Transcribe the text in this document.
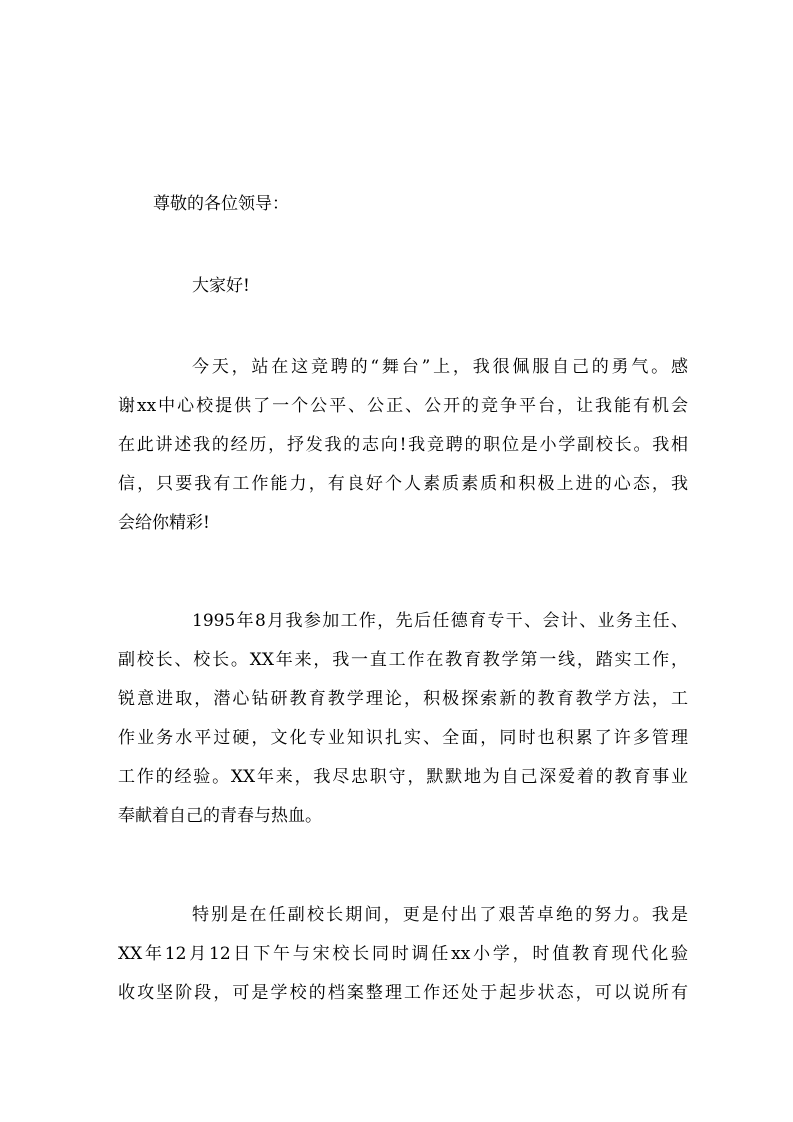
尊敬的各位领导：
大家好!
今天，站在这竞聘的“舞台”上，我很佩服自己的勇气。感
谢xx中心校提供了一个公平、公正、公开的竞争平台，让我能有机会
在此讲述我的经历，抒发我的志向!我竞聘的职位是小学副校长。我相
信，只要我有工作能力，有良好个人素质素质和积极上进的心态，我
会给你精彩!
1995年8月我参加工作，先后任德育专干、会计、业务主任、
副校长、校长。XX年来，我一直工作在教育教学第一线，踏实工作，
锐意进取，潜心钻研教育教学理论，积极探索新的教育教学方法，工
作业务水平过硬，文化专业知识扎实、全面，同时也积累了许多管理
工作的经验。XX年来，我尽忠职守，默默地为自己深爱着的教育事业
奉献着自己的青春与热血。
特别是在任副校长期间，更是付出了艰苦卓绝的努力。我是
XX年12月12日下午与宋校长同时调任xx小学，时值教育现代化验
收攻坚阶段，可是学校的档案整理工作还处于起步状态，可以说所有
